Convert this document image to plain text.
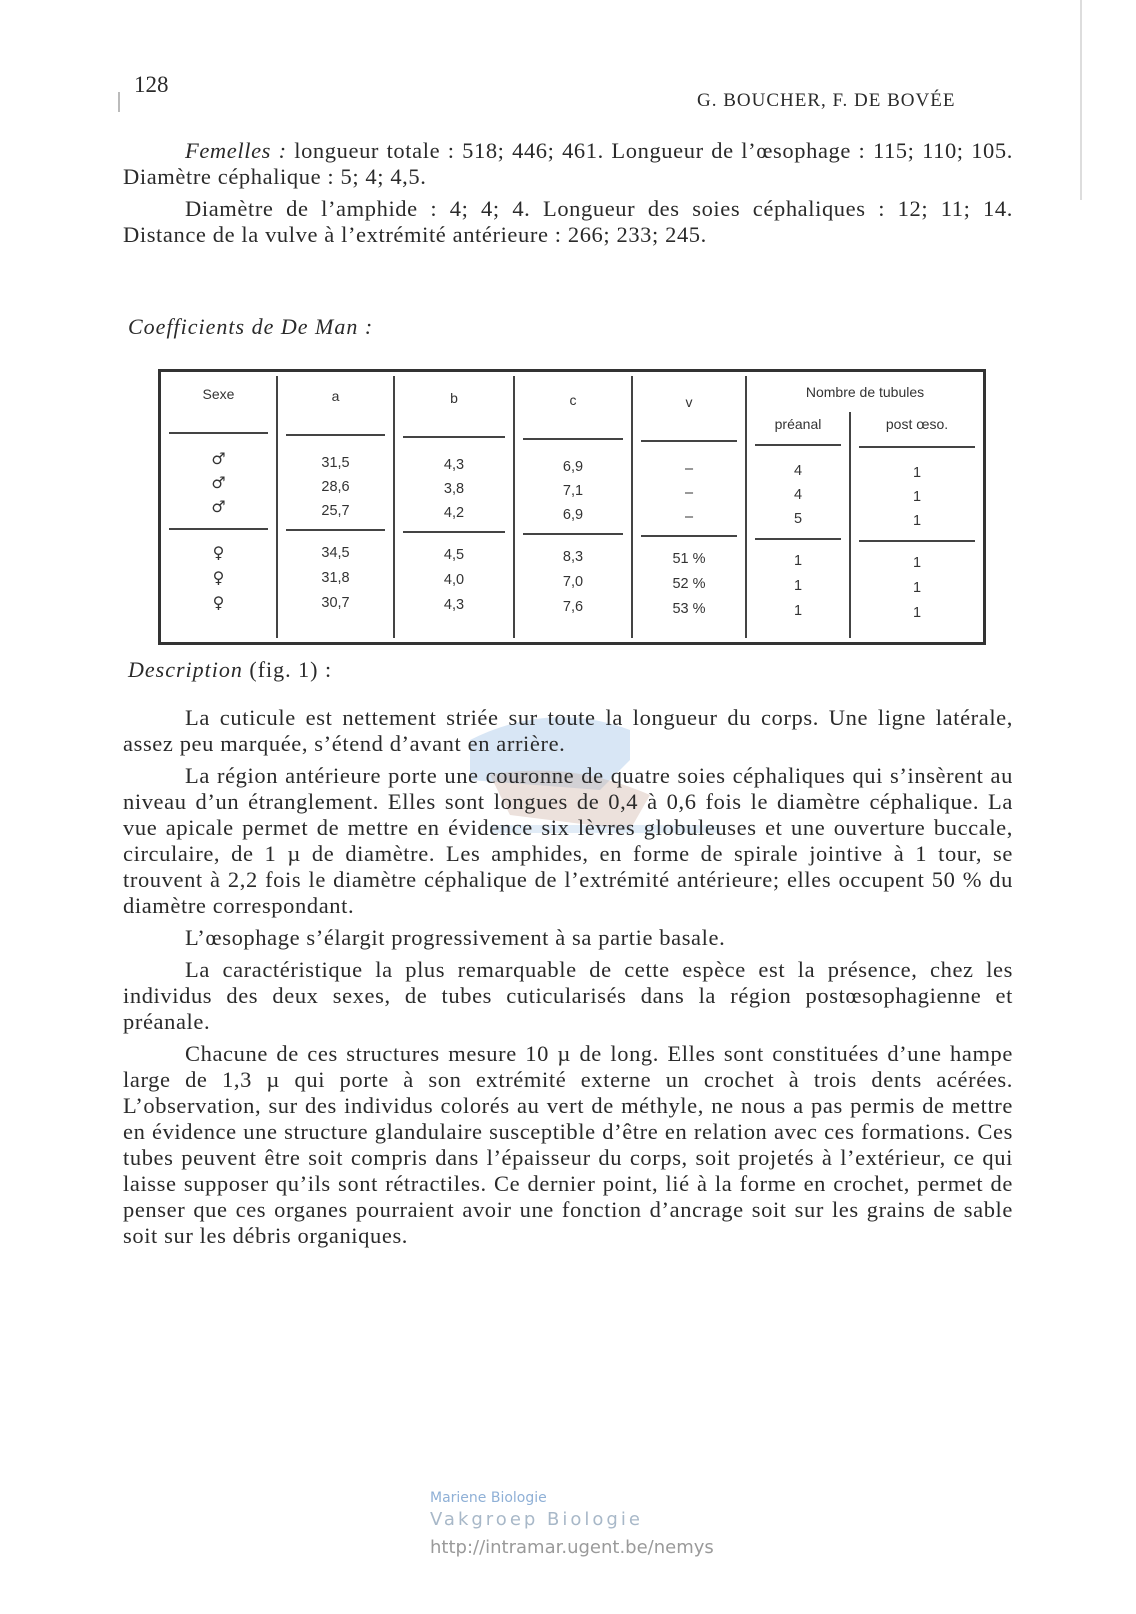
128
G. BOUCHER, F. DE BOVÉE

Femelles : longueur totale : 518; 446; 461. Longueur de l’œsophage : 115; 110; 105. Diamètre céphalique : 5; 4; 4,5.

Diamètre de l’amphide : 4; 4; 4. Longueur des soies céphaliques : 12; 11; 14. Distance de la vulve à l’extrémité antérieure : 266; 233; 245.

Coefficients de De Man :
Sexe
♂
♂
♂
♀
♀
♀
a
31,5
28,6
25,7
34,5
31,8
30,7
b
4,3
3,8
4,2
4,5
4,0
4,3
c
6,9
7,1
6,9
8,3
7,0
7,6
v
–
–
–
51 %
52 %
53 %
Nombre de tubules
préanal
4
4
5
1
1
1
post œso.
1
1
1
1
1
1
Description (fig. 1) :
Mariene Biologie
Vakgroep Biologie
http://intramar.ugent.be/nemys

La cuticule est nettement striée sur toute la longueur du corps. Une ligne latérale, assez peu marquée, s’étend d’avant en arrière.

La région antérieure porte une couronne de quatre soies céphaliques qui s’insèrent au niveau d’un étranglement. Elles sont longues de 0,4 à 0,6 fois le diamètre céphalique. La vue apicale permet de mettre en évidence six lèvres globuleuses et une ouverture buccale, circulaire, de 1 µ de diamètre. Les amphides, en forme de spirale jointive à 1 tour, se trouvent à 2,2 fois le diamètre céphalique de l’extrémité antérieure; elles occupent 50 % du diamètre correspondant.

L’œsophage s’élargit progressivement à sa partie basale.

La caractéristique la plus remarquable de cette espèce est la présence, chez les individus des deux sexes, de tubes cuticularisés dans la région postœsophagienne et préanale.

Chacune de ces structures mesure 10 µ de long. Elles sont constituées d’une hampe large de 1,3 µ qui porte à son extrémité externe un crochet à trois dents acérées. L’observation, sur des individus colorés au vert de méthyle, ne nous a pas permis de mettre en évidence une structure glandulaire susceptible d’être en relation avec ces formations. Ces tubes peuvent être soit compris dans l’épaisseur du corps, soit projetés à l’extérieur, ce qui laisse supposer qu’ils sont rétractiles. Ce dernier point, lié à la forme en crochet, permet de penser que ces organes pourraient avoir une fonction d’ancrage soit sur les grains de sable soit sur les débris organiques.
